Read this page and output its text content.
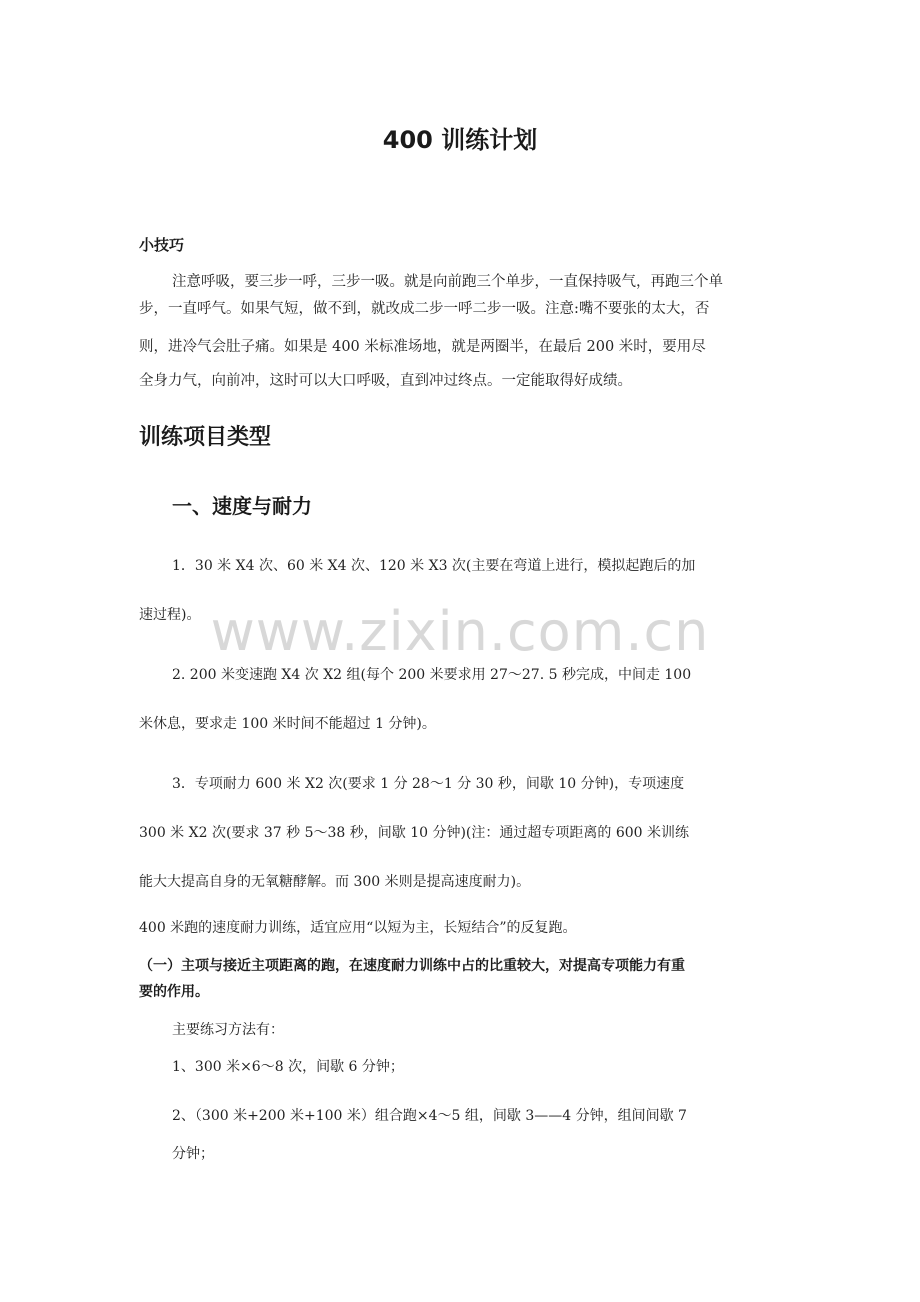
400 训练计划
小技巧

注意呼吸，要三步一呼，三步一吸。就是向前跑三个单步，一直保持吸气，再跑三个单

步，一直呼气。如果气短，做不到，就改成二步一呼二步一吸。注意:嘴不要张的太大，否

则，进冷气会肚子痛。如果是 400 米标准场地，就是两圈半，在最后 200 米时，要用尽

全身力气，向前冲，这时可以大口呼吸，直到冲过终点。一定能取得好成绩。

训练项目类型
一、速度与耐力

1．30 米 X4 次、60 米 X4 次、120 米 X3 次(主要在弯道上进行，模拟起跑后的加

速过程)。 www.zixin.com.cn

2. 200 米变速跑 X4 次 X2 组(每个 200 米要求用 27～27. 5 秒完成，中间走 100

米休息，要求走 100 米时间不能超过 1 分钟)。

3．专项耐力 600 米 X2 次(要求 1 分 28～1 分 30 秒，间歇 10 分钟)，专项速度

300 米 X2 次(要求 37 秒 5～38 秒，间歇 10 分钟)(注：通过超专项距离的 600 米训练

能大大提高自身的无氧糖酵解。而 300 米则是提高速度耐力)。

400 米跑的速度耐力训练，适宜应用“以短为主，长短结合”的反复跑。

（一）主项与接近主项距离的跑，在速度耐力训练中占的比重较大，对提高专项能力有重

要的作用。

主要练习方法有：

1、300 米×6～8 次，间歇 6 分钟；

2、（300 米+200 米+100 米）组合跑×4～5 组，间歇 3——4 分钟，组间间歇 7

分钟；
